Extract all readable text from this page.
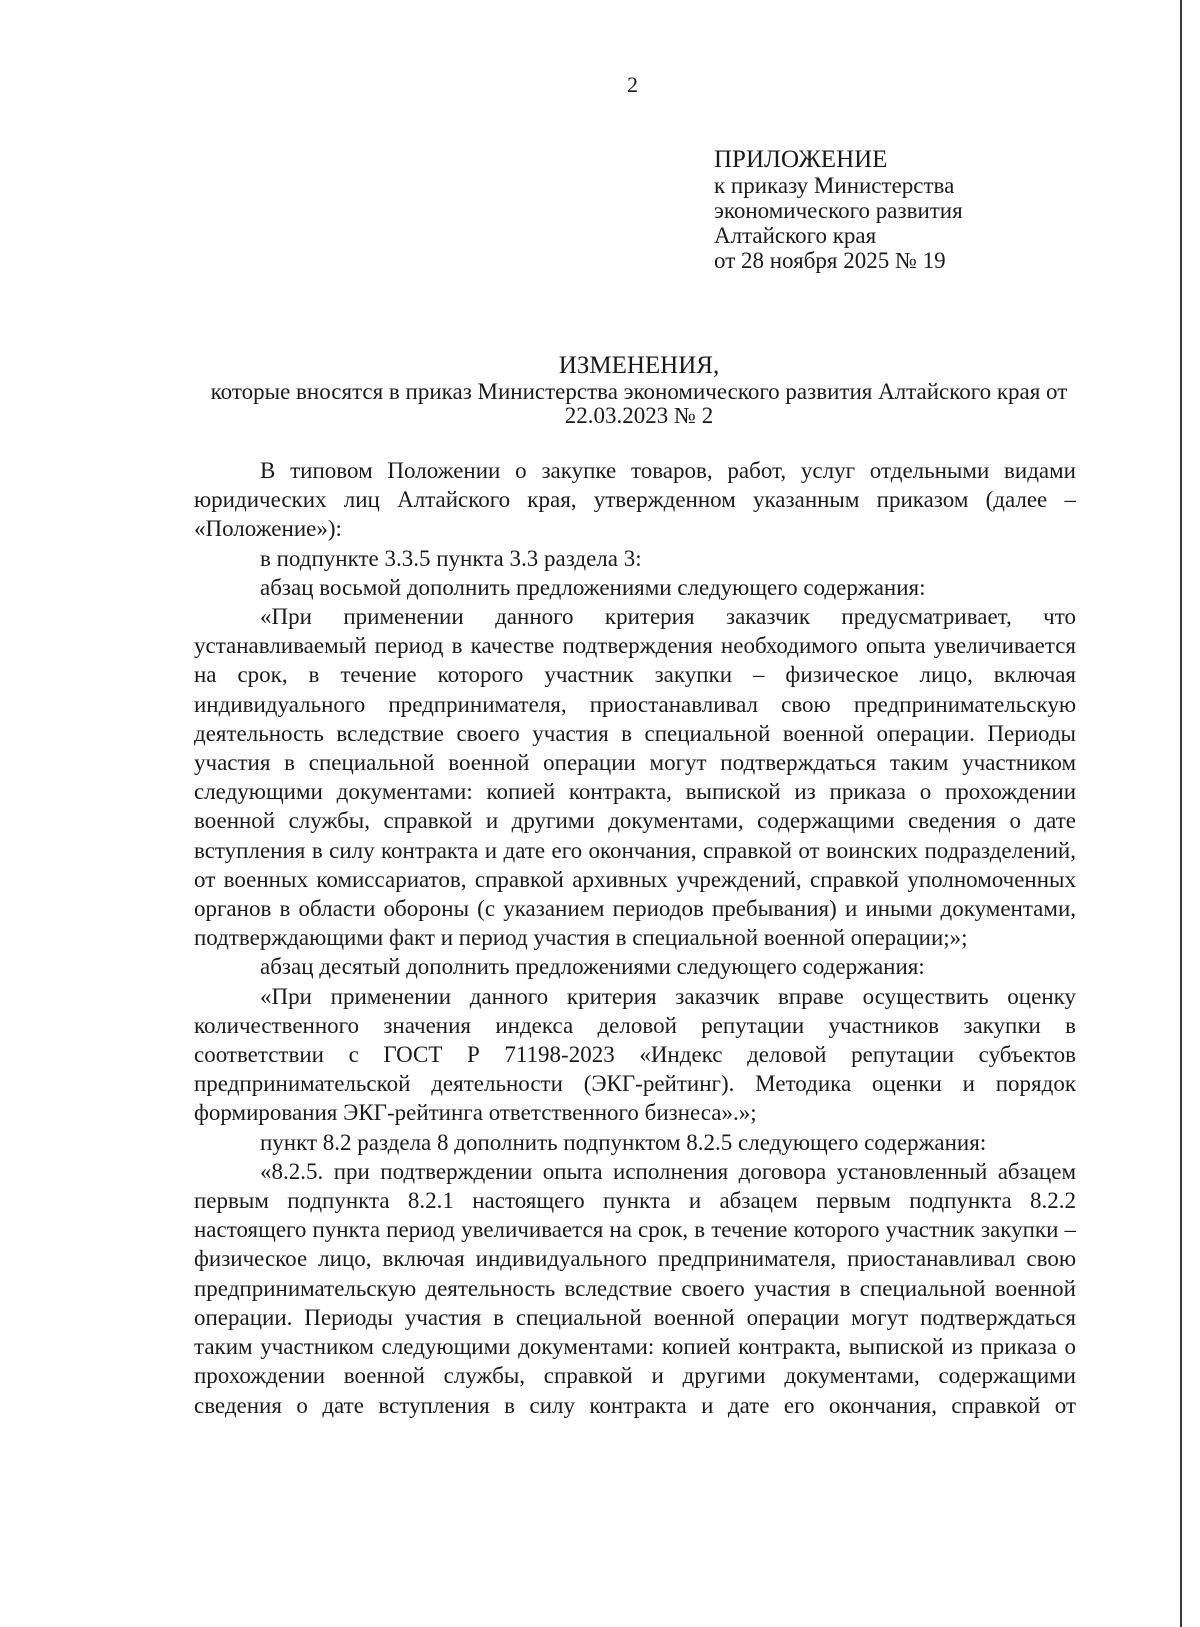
2
ПРИЛОЖЕНИЕ
к приказу Министерства
экономического развития
Алтайского края
от 28 ноября 2025 № 19
ИЗМЕНЕНИЯ,
которые вносятся в приказ Министерства экономического развития Алтайского края от 22.03.2023 № 2

В типовом Положении о закупке товаров, работ, услуг отдельными видами юридических лиц Алтайского края, утвержденном указанным приказом (далее – «Положение»):

в подпункте 3.3.5 пункта 3.3 раздела 3:

абзац восьмой дополнить предложениями следующего содержания:

«При применении данного критерия заказчик предусматривает, что устанавливаемый период в качестве подтверждения необходимого опыта увеличивается на срок, в течение которого участник закупки – физическое лицо, включая индивидуального предпринимателя, приостанавливал свою предпринимательскую деятельность вследствие своего участия в специальной военной операции. Периоды участия в специальной военной операции могут подтверждаться таким участником следующими документами: копией контракта, выпиской из приказа о прохождении военной службы, справкой и другими документами, содержащими сведения о дате вступления в силу контракта и дате его окончания, справкой от воинских подразделений, от военных комиссариатов, справкой архивных учреждений, справкой уполномоченных органов в области обороны (с указанием периодов пребывания) и иными документами, подтверждающими факт и период участия в специальной военной операции;»;

абзац десятый дополнить предложениями следующего содержания:

«При применении данного критерия заказчик вправе осуществить оценку количественного значения индекса деловой репутации участников закупки в соответствии с ГОСТ Р 71198-2023 «Индекс деловой репутации субъектов предпринимательской деятельности (ЭКГ-рейтинг). Методика оценки и порядок формирования ЭКГ-рейтинга ответственного бизнеса».»;

пункт 8.2 раздела 8 дополнить подпунктом 8.2.5 следующего содержания:

«8.2.5. при подтверждении опыта исполнения договора установленный абзацем первым подпункта 8.2.1 настоящего пункта и абзацем первым подпункта 8.2.2 настоящего пункта период увеличивается на срок, в течение которого участник закупки – физическое лицо, включая индивидуального предпринимателя, приостанавливал свою предпринимательскую деятельность вследствие своего участия в специальной военной операции. Периоды участия в специальной военной операции могут подтверждаться таким участником следующими документами: копией контракта, выпиской из приказа о прохождении военной службы, справкой и другими документами, содержащими сведения о дате вступления в силу контракта и дате его окончания, справкой от
